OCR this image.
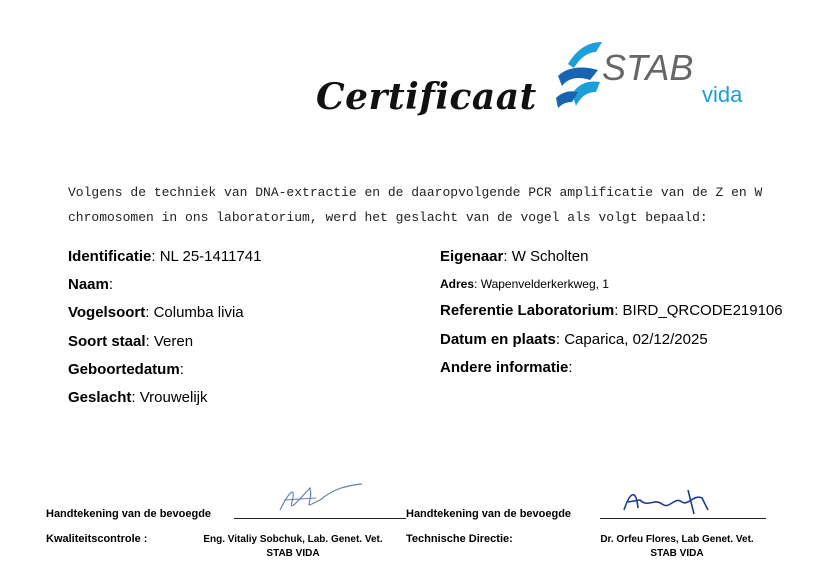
Certificaat
STAB
vida
Volgens de techniek van DNA-extractie en de daaropvolgende PCR amplificatie van de Z en W
chromosomen in ons laboratorium, werd het geslacht van de vogel als volgt bepaald:
Identificatie: NL 25-1411741
Naam:
Vogelsoort: Columba livia
Soort staal: Veren
Geboortedatum:
Geslacht: Vrouwelijk
Eigenaar: W Scholten
Adres: Wapenvelderkerkweg, 1
Referentie Laboratorium: BIRD_QRCODE219106
Datum en plaats: Caparica, 02/12/2025
Andere informatie:
Handtekening van de bevoegde	Handtekening van de bevoegde
Kwaliteitscontrole :	Eng. Vitaliy Sobchuk, Lab. Genet. Vet.
STAB VIDA
Technische Directie:	Dr. Orfeu Flores, Lab Genet. Vet.
STAB VIDA
